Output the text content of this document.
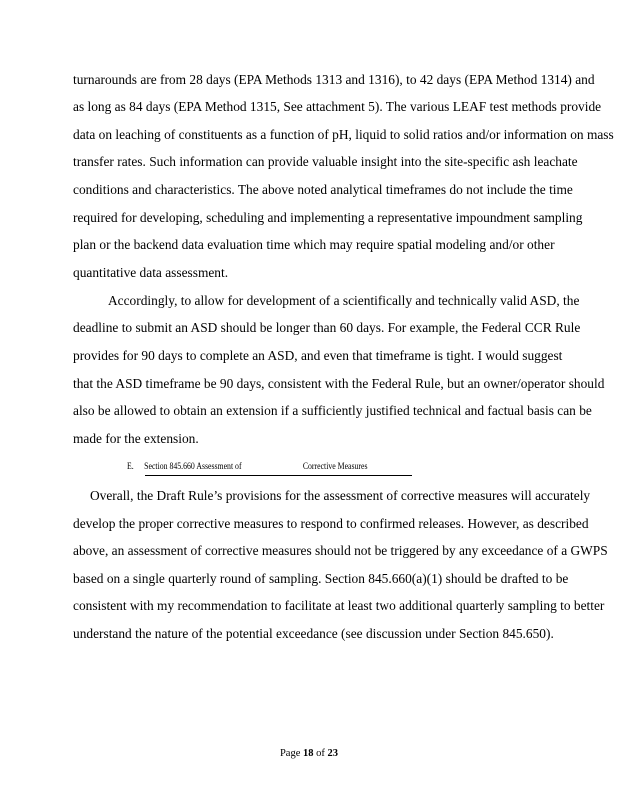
turnarounds are from 28 days (EPA Methods 1313 and 1316), to 42 days (EPA Method 1314) and
as long as 84 days (EPA Method 1315, See attachment 5). The various LEAF test methods provide
data on leaching of constituents as a function of pH, liquid to solid ratios and/or information on mass
transfer rates. Such information can provide valuable insight into the site-specific ash leachate
conditions and characteristics. The above noted analytical timeframes do not include the time
required for developing, scheduling and implementing a representative impoundment sampling
plan or the backend data evaluation time which may require spatial modeling and/or other
quantitative data assessment.
Accordingly, to allow for development of a scientifically and technically valid ASD, the
deadline to submit an ASD should be longer than 60 days. For example, the Federal CCR Rule
provides for 90 days to complete an ASD, and even that timeframe is tight. I would suggest
that the ASD timeframe be 90 days, consistent with the Federal Rule, but an owner/operator should
also be allowed to obtain an extension if a sufficiently justified technical and factual basis can be
made for the extension.
E. Section 845.660 Assessment of	Corrective Measures
Overall, the Draft Rule’s provisions for the assessment of corrective measures will accurately
develop the proper corrective measures to respond to confirmed releases. However, as described
above, an assessment of corrective measures should not be triggered by any exceedance of a GWPS
based on a single quarterly round of sampling. Section 845.660(a)(1) should be drafted to be
consistent with my recommendation to facilitate at least two additional quarterly sampling to better
understand the nature of the potential exceedance (see discussion under Section 845.650).
Page 18 of 23
